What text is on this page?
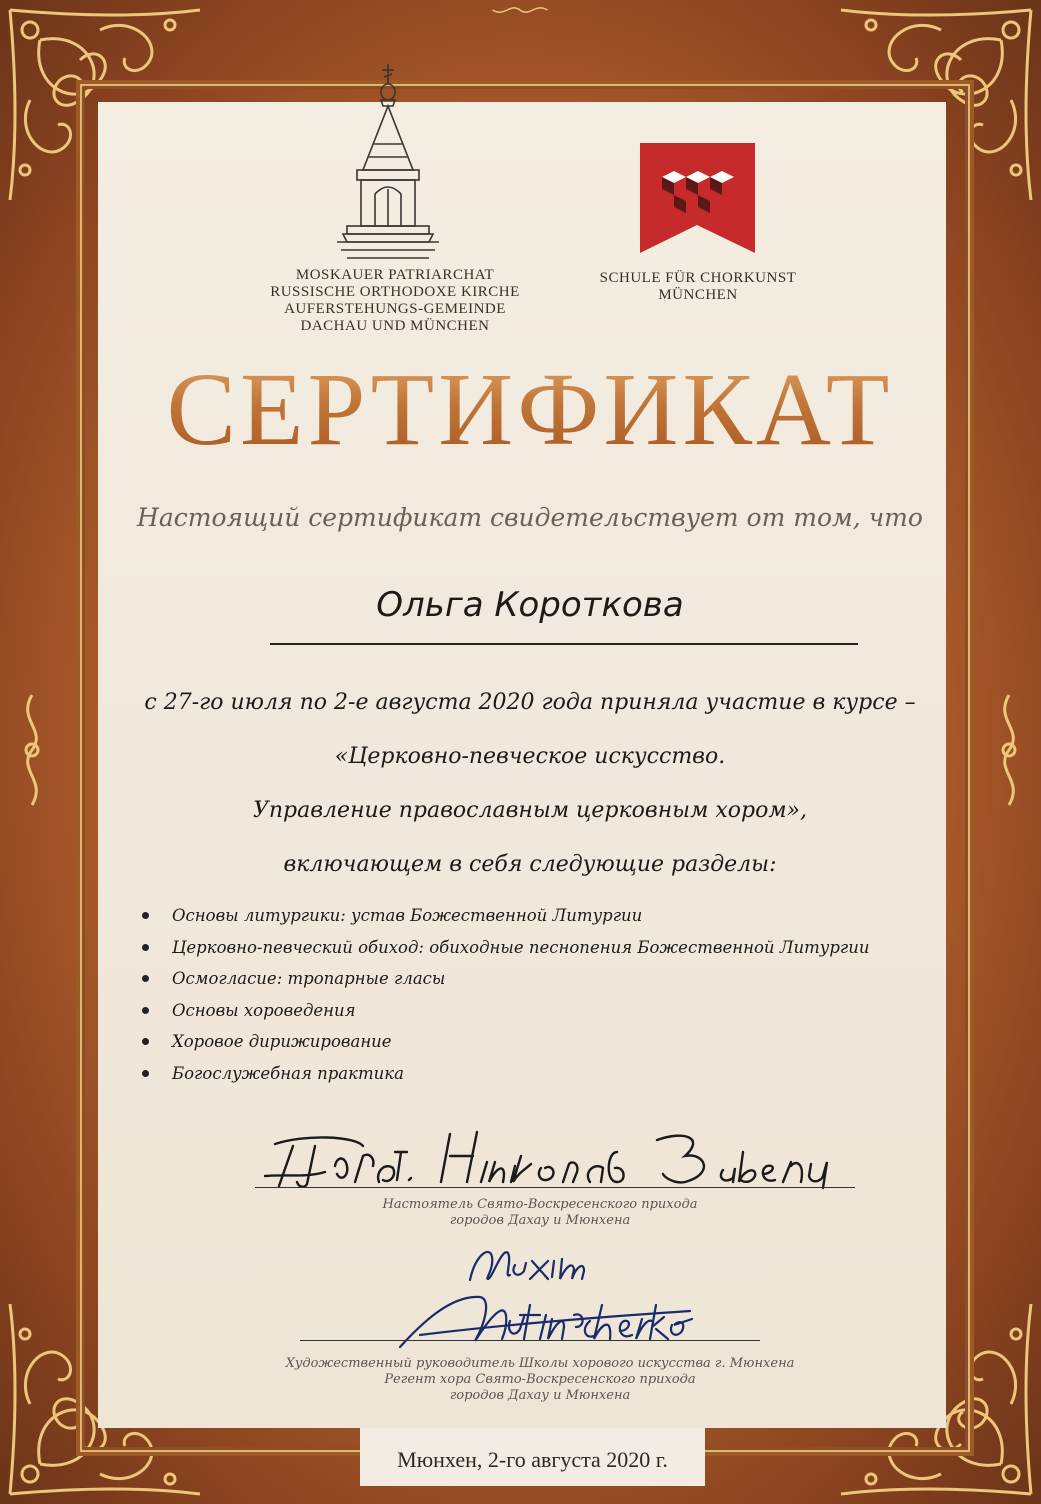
MOSKAUER PATRIARCHAT
RUSSISCHE ORTHODOXE KIRCHE
AUFERSTEHUNGS-GEMEINDE
DACHAU UND MÜNCHEN
SCHULE FÜR CHORKUNST
MÜNCHEN
СЕРТИФИКАТ
Настоящий сертификат свидетельствует от том, что
Ольга Короткова
с 27-го июля по 2-е августа 2020 года приняла участие в курсе –
«Церковно-певческое искусство.
Управление православным церковным хором»,
включающем в себя следующие разделы:
Основы литургики: устав Божественной Литургии
Церковно-певческий обиход: обиходные песнопения Божественной Литургии
Осмогласие: тропарные гласы
Основы хороведения
Хоровое дирижирование
Богослужебная практика
Настоятель Свято-Воскресенского прихода
городов Дахау и Мюнхена
Художественный руководитель Школы хорового искусства г. Мюнхена
Регент хора Свято-Воскресенского прихода
городов Дахау и Мюнхена
Мюнхен, 2-го августа 2020 г.
